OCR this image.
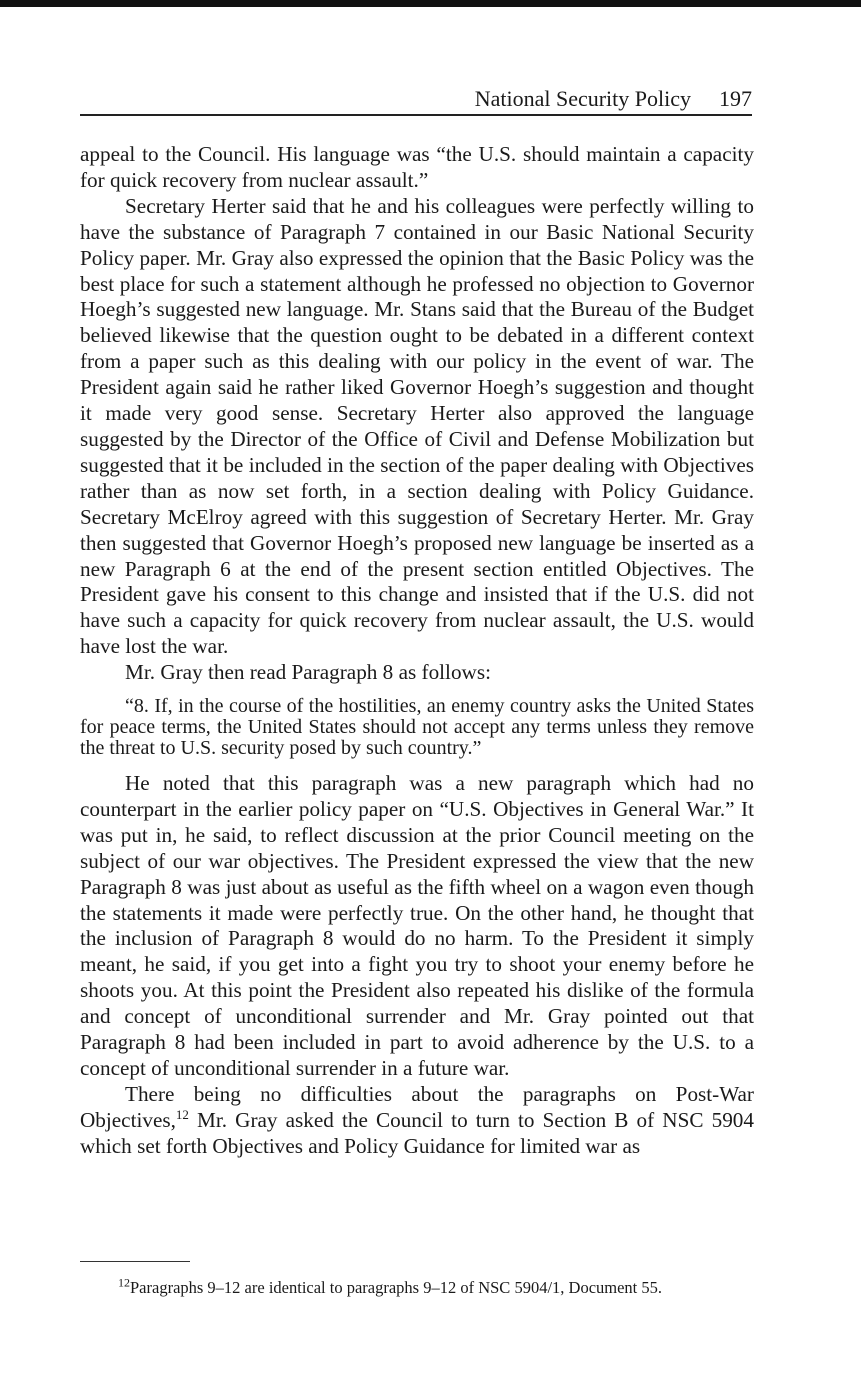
National Security Policy 197

appeal to the Council. His language was “the U.S. should maintain a capacity for quick recovery from nuclear assault.”

Secretary Herter said that he and his colleagues were perfectly willing to have the substance of Paragraph 7 contained in our Basic National Security Policy paper. Mr. Gray also expressed the opinion that the Basic Policy was the best place for such a statement although he professed no objection to Governor Hoegh’s suggested new language. Mr. Stans said that the Bureau of the Budget believed likewise that the question ought to be debated in a different context from a paper such as this dealing with our policy in the event of war. The President again said he rather liked Governor Hoegh’s suggestion and thought it made very good sense. Secretary Herter also approved the language suggested by the Director of the Office of Civil and Defense Mobilization but suggested that it be included in the section of the paper dealing with Objectives rather than as now set forth, in a section dealing with Policy Guidance. Secretary McElroy agreed with this suggestion of Secretary Herter. Mr. Gray then suggested that Governor Hoegh’s proposed new language be inserted as a new Paragraph 6 at the end of the present section entitled Objectives. The President gave his consent to this change and insisted that if the U.S. did not have such a capacity for quick recovery from nuclear assault, the U.S. would have lost the war.

Mr. Gray then read Paragraph 8 as follows:

“8. If, in the course of the hostilities, an enemy country asks the United States for peace terms, the United States should not accept any terms unless they remove the threat to U.S. security posed by such country.”

He noted that this paragraph was a new paragraph which had no counterpart in the earlier policy paper on “U.S. Objectives in General War.” It was put in, he said, to reflect discussion at the prior Council meeting on the subject of our war objectives. The President expressed the view that the new Paragraph 8 was just about as useful as the fifth wheel on a wagon even though the statements it made were perfectly true. On the other hand, he thought that the inclusion of Paragraph 8 would do no harm. To the President it simply meant, he said, if you get into a fight you try to shoot your enemy before he shoots you. At this point the President also repeated his dislike of the formula and concept of unconditional surrender and Mr. Gray pointed out that Paragraph 8 had been included in part to avoid adherence by the U.S. to a concept of unconditional surrender in a future war.

There being no difficulties about the paragraphs on Post-War Objectives,$^{12}$ Mr. Gray asked the Council to turn to Section B of NSC 5904 which set forth Objectives and Policy Guidance for limited war as

$^{12}$Paragraphs 9–12 are identical to paragraphs 9–12 of NSC 5904/1, Document 55.
